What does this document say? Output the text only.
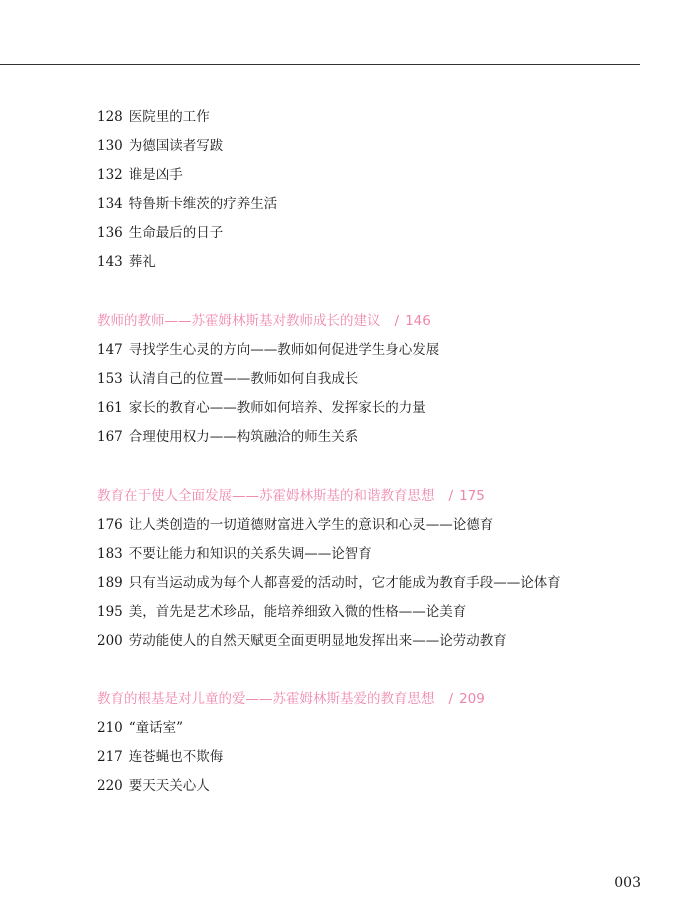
128 医院里的工作
130 为德国读者写跋
132 谁是凶手
134 特鲁斯卡维茨的疗养生活
136 生命最后的日子
143 葬礼
教师的教师——苏霍姆林斯基对教师成长的建议 / 146
147 寻找学生心灵的方向——教师如何促进学生身心发展
153 认清自己的位置——教师如何自我成长
161 家长的教育心——教师如何培养、发挥家长的力量
167 合理使用权力——构筑融洽的师生关系
教育在于使人全面发展——苏霍姆林斯基的和谐教育思想 / 175
176 让人类创造的一切道德财富进入学生的意识和心灵——论德育
183 不要让能力和知识的关系失调——论智育
189 只有当运动成为每个人都喜爱的活动时，它才能成为教育手段——论体育
195 美，首先是艺术珍品，能培养细致入微的性格——论美育
200 劳动能使人的自然天赋更全面更明显地发挥出来——论劳动教育
教育的根基是对儿童的爱——苏霍姆林斯基爱的教育思想 / 209
210 “童话室”
217 连苍蝇也不欺侮
220 要天天关心人
003
